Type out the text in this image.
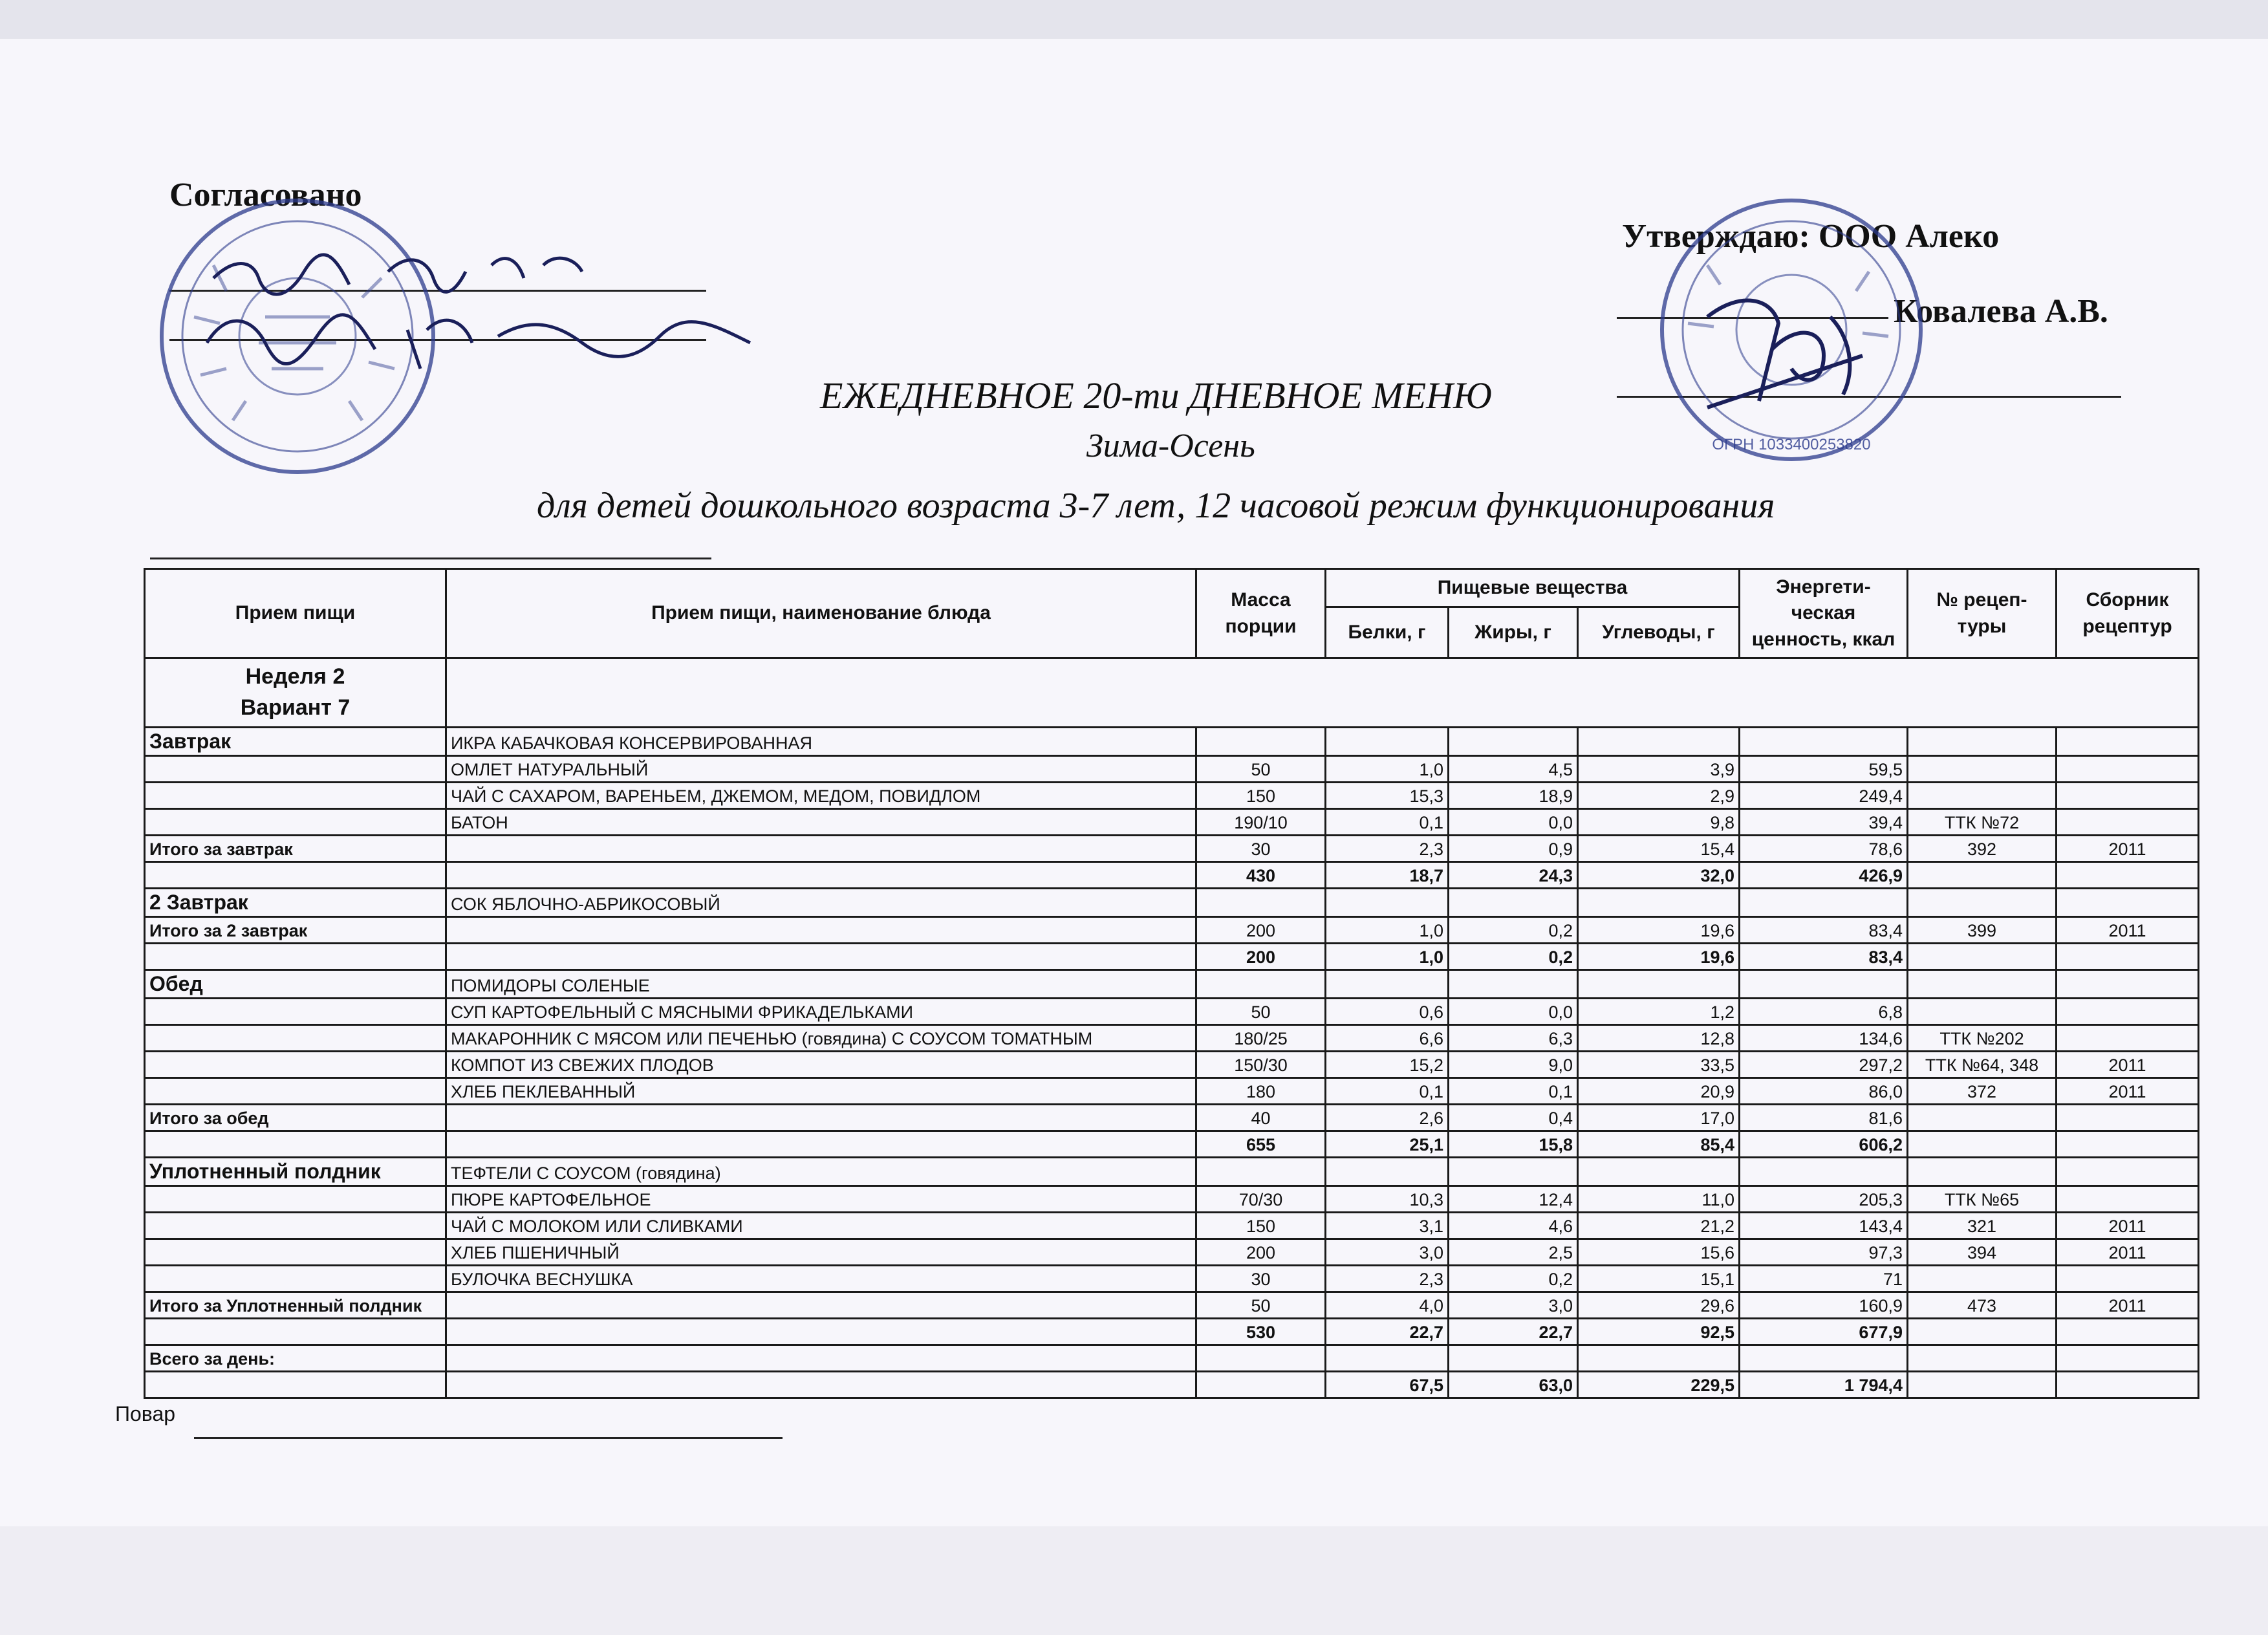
Согласовано
Утверждаю: ООО Алеко
Ковалева А.В.
ОГРН 1033400253820
ЕЖЕДНЕВНОЕ 20-ти ДНЕВНОЕ МЕНЮ
Зима-Осень
для детей дошкольного возраста 3-7 лет, 12 часовой режим функционирования
Прием пищи	Прием пищи, наименование блюда	Масса порции	Пищевые вещества			Энергети-ческая ценность, ккал	№ рецеп-туры	Сборник рецептур
			Белки, г	Жиры, г	Углеводы, г			

Неделя 2
Вариант 7								

Завтрак	ИКРА КАБАЧКОВАЯ КОНСЕРВИРОВАННАЯ							
	ОМЛЕТ НАТУРАЛЬНЫЙ	50	1,0	4,5	3,9	59,5		
	ЧАЙ С САХАРОМ, ВАРЕНЬЕМ, ДЖЕМОМ, МЕДОМ, ПОВИДЛОМ	150	15,3	18,9	2,9	249,4		
	БАТОН	190/10	0,1	0,0	9,8	39,4	ТТК №72	
Итого за завтрак		30	2,3	0,9	15,4	78,6	392	2011
		430	18,7	24,3	32,0	426,9		
2 Завтрак	СОК ЯБЛОЧНО-АБРИКОСОВЫЙ							
Итого за 2 завтрак		200	1,0	0,2	19,6	83,4	399	2011
		200	1,0	0,2	19,6	83,4		
Обед	ПОМИДОРЫ СОЛЕНЫЕ							
	СУП КАРТОФЕЛЬНЫЙ С МЯСНЫМИ ФРИКАДЕЛЬКАМИ	50	0,6	0,0	1,2	6,8		
	МАКАРОННИК С МЯСОМ ИЛИ ПЕЧЕНЬЮ (говядина) С СОУСОМ ТОМАТНЫМ	180/25	6,6	6,3	12,8	134,6	ТТК №202	
	КОМПОТ ИЗ СВЕЖИХ ПЛОДОВ	150/30	15,2	9,0	33,5	297,2	ТТК №64, 348	2011
	ХЛЕБ ПЕКЛЕВАННЫЙ	180	0,1	0,1	20,9	86,0	372	2011
Итого за обед		40	2,6	0,4	17,0	81,6		
		655	25,1	15,8	85,4	606,2		
Уплотненный полдник	ТЕФТЕЛИ С СОУСОМ (говядина)							
	ПЮРЕ КАРТОФЕЛЬНОЕ	70/30	10,3	12,4	11,0	205,3	ТТК №65	
	ЧАЙ С МОЛОКОМ ИЛИ СЛИВКАМИ	150	3,1	4,6	21,2	143,4	321	2011
	ХЛЕБ ПШЕНИЧНЫЙ	200	3,0	2,5	15,6	97,3	394	2011
	БУЛОЧКА ВЕСНУШКА	30	2,3	0,2	15,1	71		
Итого за Уплотненный полдник		50	4,0	3,0	29,6	160,9	473	2011
		530	22,7	22,7	92,5	677,9		
Всего за день:								
			67,5	63,0	229,5	1 794,4		
Повар
